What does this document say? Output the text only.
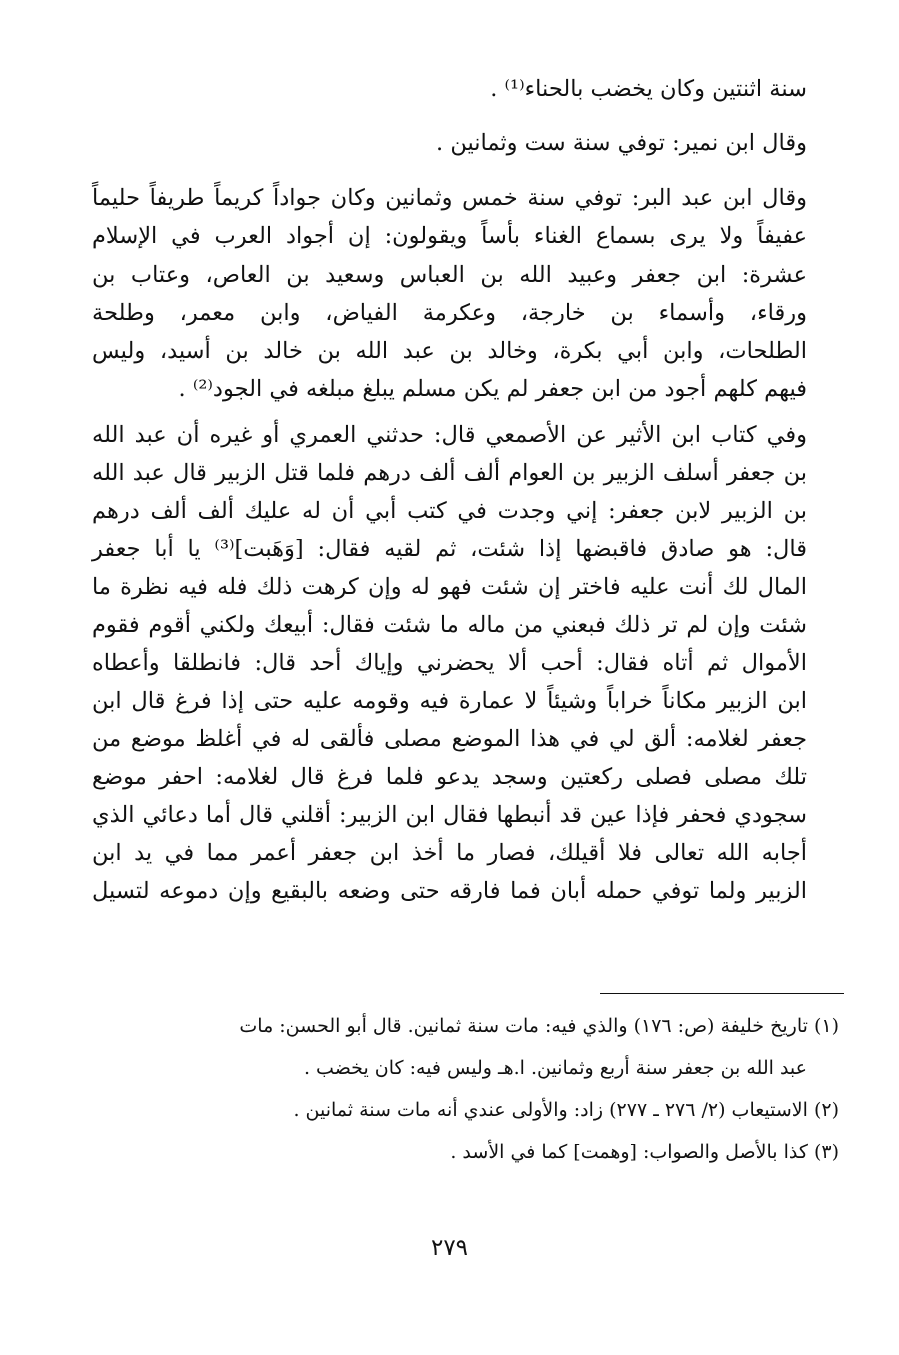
سنة اثنتين وكان يخضب بالحناء⁽¹⁾ .
وقال ابن نمير: توفي سنة ست وثمانين .
وقال ابن عبد البر: توفي سنة خمس وثمانين وكان جواداً كريماً طريفاً حليماً
عفيفاً ولا يرى بسماع الغناء بأساً ويقولون: إن أجواد العرب في الإسلام
عشرة: ابن جعفر وعبيد الله بن العباس وسعيد بن العاص، وعتاب بن
ورقاء، وأسماء بن خارجة، وعكرمة الفياض، وابن معمر، وطلحة
الطلحات، وابن أبي بكرة، وخالد بن عبد الله بن خالد بن أسيد، وليس
فيهم كلهم أجود من ابن جعفر لم يكن مسلم يبلغ مبلغه في الجود⁽²⁾ .
وفي كتاب ابن الأثير عن الأصمعي قال: حدثني العمري أو غيره أن عبد الله
بن جعفر أسلف الزبير بن العوام ألف ألف درهم فلما قتل الزبير قال عبد الله
بن الزبير لابن جعفر: إني وجدت في كتب أبي أن له عليك ألف ألف درهم
قال: هو صادق فاقبضها إذا شئت، ثم لقيه فقال: [وَهَبت]⁽³⁾ يا أبا جعفر
المال لك أنت عليه فاختر إن شئت فهو له وإن كرهت ذلك فله فيه نظرة ما
شئت وإن لم تر ذلك فبعني من ماله ما شئت فقال: أبيعك ولكني أقوم فقوم
الأموال ثم أتاه فقال: أحب ألا يحضرني وإياك أحد قال: فانطلقا وأعطاه
ابن الزبير مكاناً خراباً وشيئاً لا عمارة فيه وقومه عليه حتى إذا فرغ قال ابن
جعفر لغلامه: ألق لي في هذا الموضع مصلى فألقى له في أغلظ موضع من
تلك مصلى فصلى ركعتين وسجد يدعو فلما فرغ قال لغلامه: احفر موضع
سجودي فحفر فإذا عين قد أنبطها فقال ابن الزبير: أقلني قال أما دعائي الذي
أجابه الله تعالى فلا أقيلك، فصار ما أخذ ابن جعفر أعمر مما في يد ابن
الزبير ولما توفي حمله أبان فما فارقه حتى وضعه بالبقيع وإن دموعه لتسيل
(١) تاريخ خليفة (ص: ١٧٦) والذي فيه: مات سنة ثمانين. قال أبو الحسن: مات
عبد الله بن جعفر سنة أربع وثمانين. ا.هـ وليس فيه: كان يخضب .
(٢) الاستيعاب (٢/ ٢٧٦ ـ ٢٧٧) زاد: والأولى عندي أنه مات سنة ثمانين .
(٣) كذا بالأصل والصواب: [وهمت] كما في الأسد .
٢٧٩
